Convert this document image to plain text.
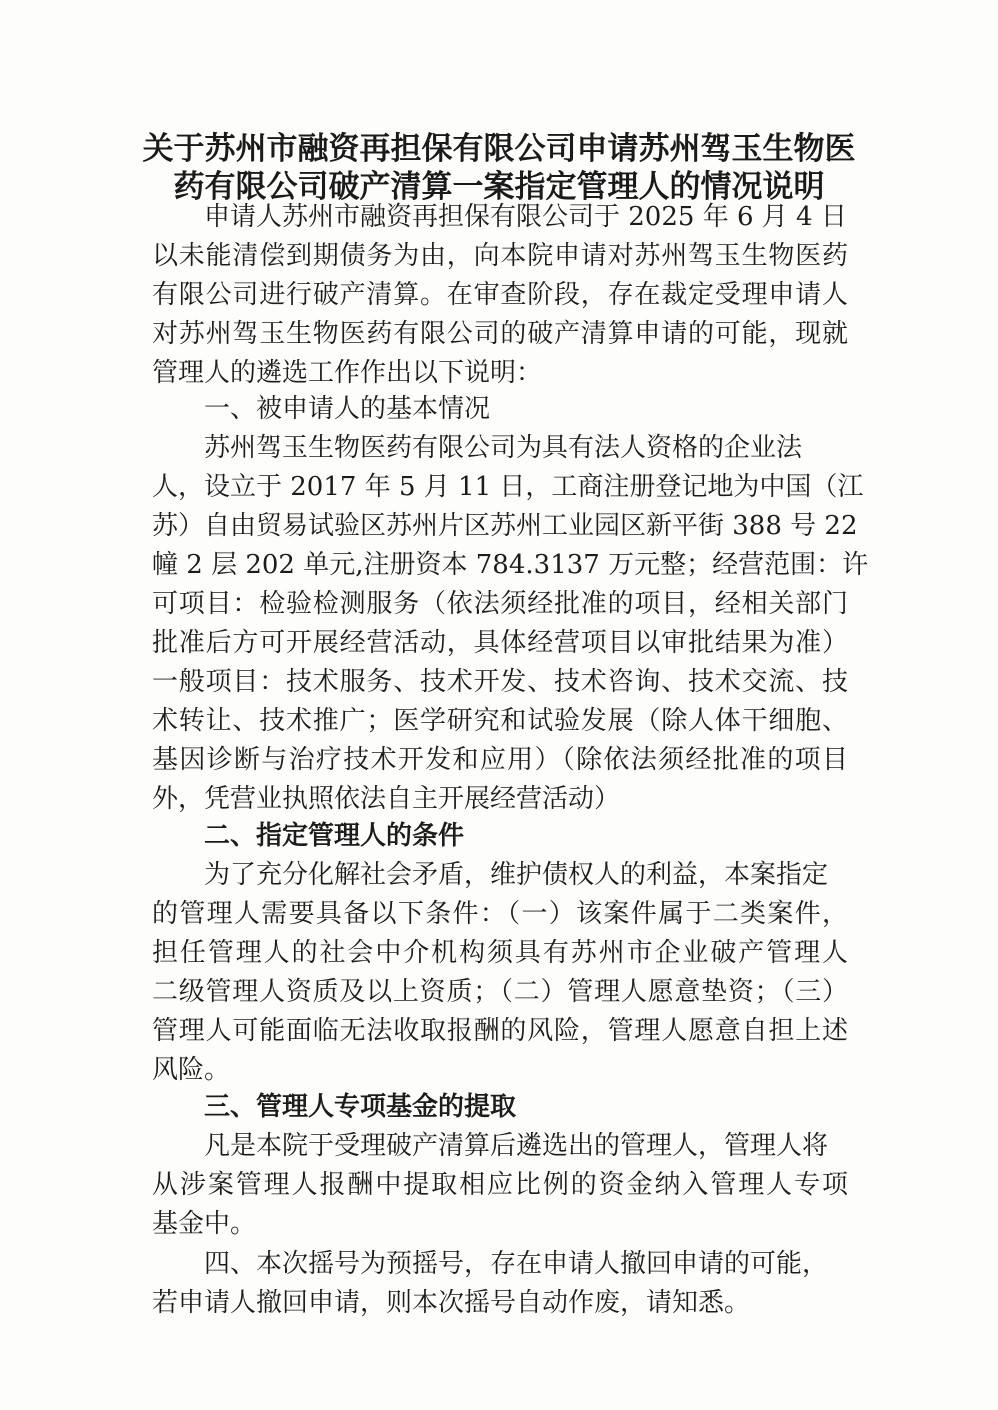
关于苏州市融资再担保有限公司申请苏州驾玉生物医
药有限公司破产清算一案指定管理人的情况说明
申请人苏州市融资再担保有限公司于 2025 年 6 月 4 日
以未能清偿到期债务为由，向本院申请对苏州驾玉生物医药
有限公司进行破产清算。在审查阶段，存在裁定受理申请人
对苏州驾玉生物医药有限公司的破产清算申请的可能，现就
管理人的遴选工作作出以下说明：
一、被申请人的基本情况
苏州驾玉生物医药有限公司为具有法人资格的企业法
人，设立于 2017 年 5 月 11 日，工商注册登记地为中国（江
苏）自由贸易试验区苏州片区苏州工业园区新平街 388 号 22
幢 2 层 202 单元,注册资本 784.3137 万元整；经营范围：许
可项目：检验检测服务（依法须经批准的项目，经相关部门
批准后方可开展经营活动，具体经营项目以审批结果为准）
一般项目：技术服务、技术开发、技术咨询、技术交流、技
术转让、技术推广；医学研究和试验发展（除人体干细胞、
基因诊断与治疗技术开发和应用）（除依法须经批准的项目
外，凭营业执照依法自主开展经营活动）
二、指定管理人的条件
为了充分化解社会矛盾，维护债权人的利益，本案指定
的管理人需要具备以下条件：（一）该案件属于二类案件，
担任管理人的社会中介机构须具有苏州市企业破产管理人
二级管理人资质及以上资质；（二）管理人愿意垫资；（三）
管理人可能面临无法收取报酬的风险，管理人愿意自担上述
风险。
三、管理人专项基金的提取
凡是本院于受理破产清算后遴选出的管理人，管理人将
从涉案管理人报酬中提取相应比例的资金纳入管理人专项
基金中。
四、本次摇号为预摇号，存在申请人撤回申请的可能，
若申请人撤回申请，则本次摇号自动作废，请知悉。
